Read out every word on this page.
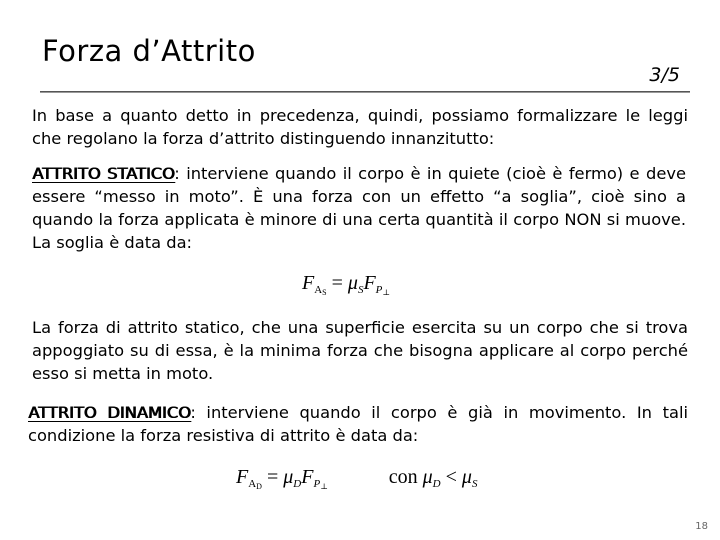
Forza d’Attrito
3/5

In base a quanto detto in precedenza, quindi, possiamo formalizzare le leggi che regolano la forza d’attrito distinguendo innanzitutto:

ATTRITO STATICO: interviene quando il corpo è in quiete (cioè è fermo) e deve essere “messo in moto”. È una forza con un effetto “a soglia”, cioè sino a quando la forza applicata è minore di una certa quantità il corpo NON si muove. La soglia è data da:

$F_{A_S} = \mu_SF_{P_\perp}$

La forza di attrito statico, che una superficie esercita su un corpo che si trova appoggiato su di essa, è la minima forza che bisogna applicare al corpo perché esso si metta in moto.

ATTRITO DINAMICO: interviene quando il corpo è già in movimento. In tali condizione la forza resistiva di attrito è data da:

$F_{A_D} = \mu_DF_{P_\perp}$	con $\mu_D < \mu_S$
18
